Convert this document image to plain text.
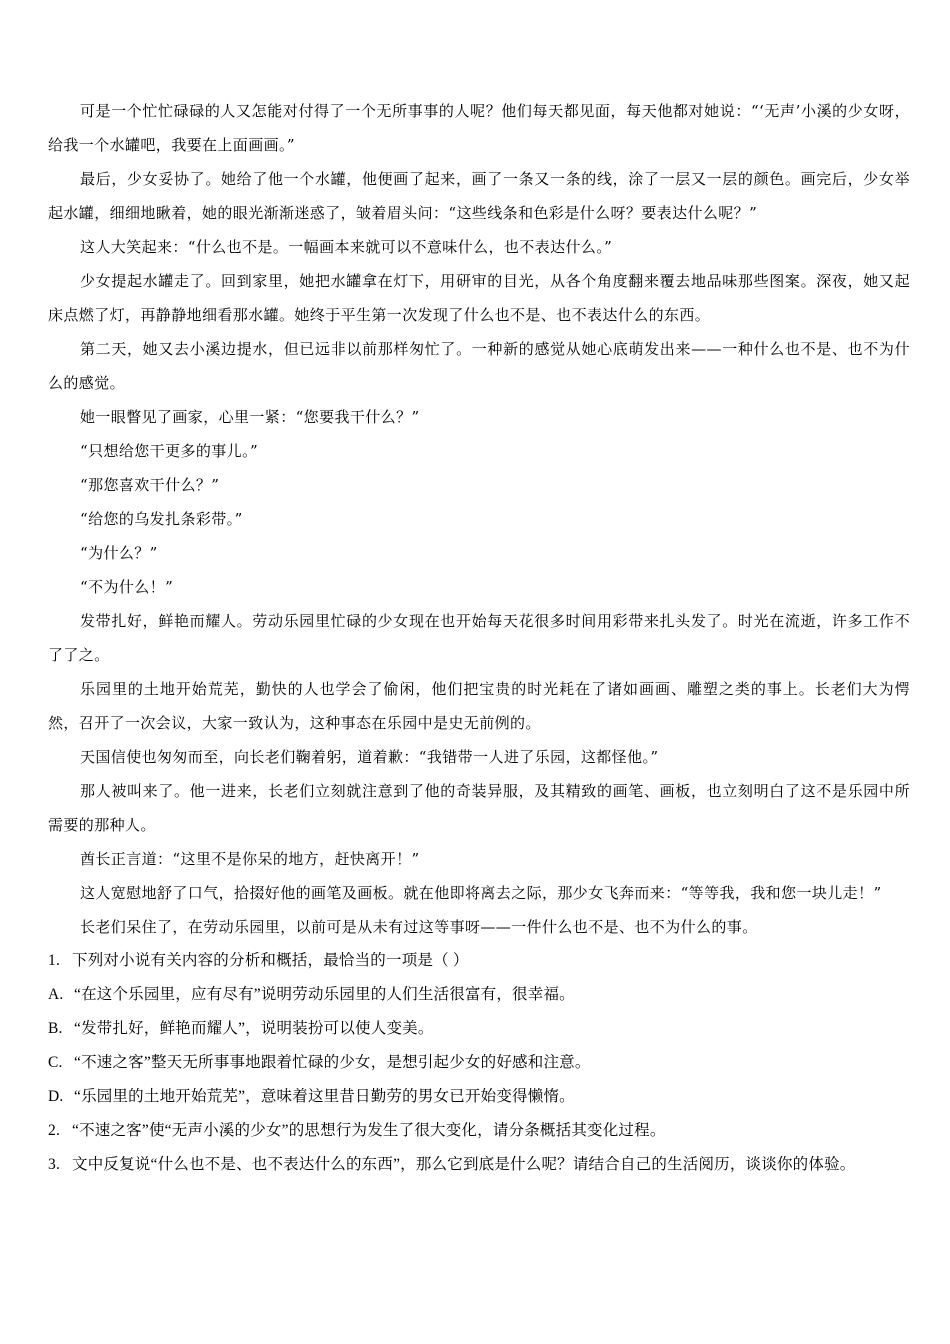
可是一个忙忙碌碌的人又怎能对付得了一个无所事事的人呢？他们每天都见面，每天他都对她说：“‘无声’小溪的少女呀，给我一个水罐吧，我要在上面画画。”

最后，少女妥协了。她给了他一个水罐，他便画了起来，画了一条又一条的线，涂了一层又一层的颜色。画完后，少女举起水罐，细细地瞅着，她的眼光渐渐迷惑了，皱着眉头问：“这些线条和色彩是什么呀？要表达什么呢？”

这人大笑起来：“什么也不是。一幅画本来就可以不意味什么，也不表达什么。”

少女提起水罐走了。回到家里，她把水罐拿在灯下，用研审的目光，从各个角度翻来覆去地品味那些图案。深夜，她又起床点燃了灯，再静静地细看那水罐。她终于平生第一次发现了什么也不是、也不表达什么的东西。

第二天，她又去小溪边提水，但已远非以前那样匆忙了。一种新的感觉从她心底萌发出来——一种什么也不是、也不为什么的感觉。

她一眼瞥见了画家，心里一紧：“您要我干什么？”

“只想给您干更多的事儿。”

“那您喜欢干什么？”

“给您的乌发扎条彩带。”

“为什么？”

“不为什么！”

发带扎好，鲜艳而耀人。劳动乐园里忙碌的少女现在也开始每天花很多时间用彩带来扎头发了。时光在流逝，许多工作不了了之。

乐园里的土地开始荒芜，勤快的人也学会了偷闲，他们把宝贵的时光耗在了诸如画画、雕塑之类的事上。长老们大为愕然，召开了一次会议，大家一致认为，这种事态在乐园中是史无前例的。

天国信使也匆匆而至，向长老们鞠着躬，道着歉：“我错带一人进了乐园，这都怪他。”

那人被叫来了。他一进来，长老们立刻就注意到了他的奇装异服，及其精致的画笔、画板，也立刻明白了这不是乐园中所需要的那种人。

酋长正言道：“这里不是你呆的地方，赶快离开！”

这人宽慰地舒了口气，拾掇好他的画笔及画板。就在他即将离去之际，那少女飞奔而来：“等等我，我和您一块儿走！”

长老们呆住了，在劳动乐园里，以前可是从未有过这等事呀——一件什么也不是、也不为什么的事。

1. 下列对小说有关内容的分析和概括，最恰当的一项是（ ）

A. “在这个乐园里，应有尽有”说明劳动乐园里的人们生活很富有，很幸福。

B. “发带扎好，鲜艳而耀人”，说明装扮可以使人变美。

C. “不速之客”整天无所事事地跟着忙碌的少女，是想引起少女的好感和注意。

D. “乐园里的土地开始荒芜”，意味着这里昔日勤劳的男女已开始变得懒惰。

2. “不速之客”使“无声小溪的少女”的思想行为发生了很大变化，请分条概括其变化过程。

3. 文中反复说“什么也不是、也不表达什么的东西”，那么它到底是什么呢？请结合自己的生活阅历，谈谈你的体验。
